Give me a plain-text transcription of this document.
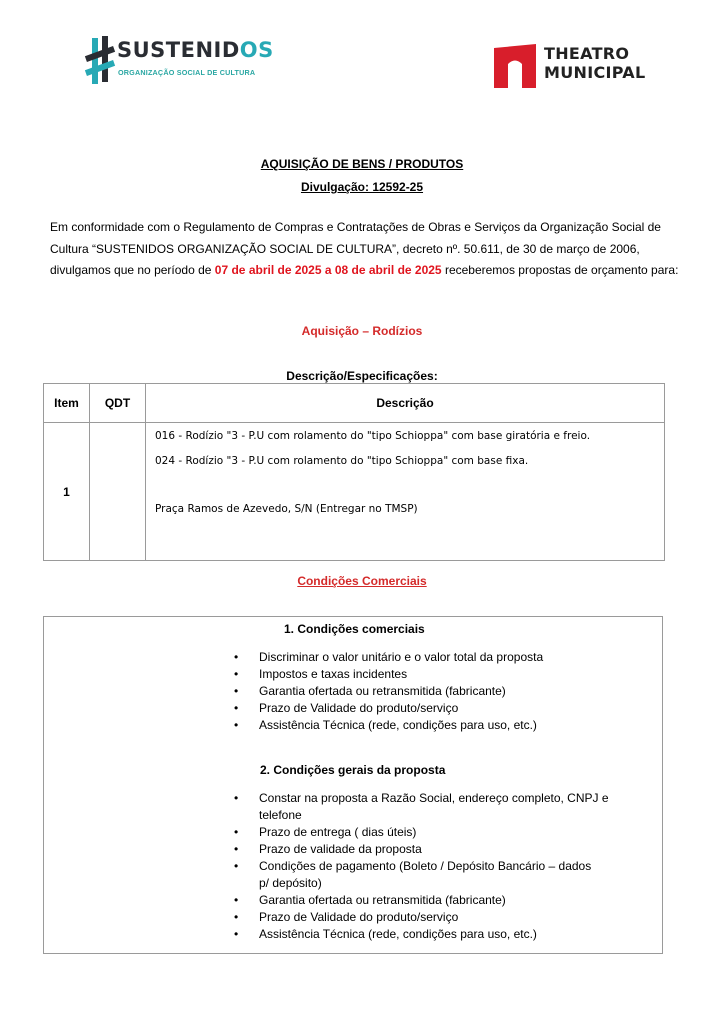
SUSTENIDOS
ORGANIZAÇÃO SOCIAL DE CULTURA
THEATRO
MUNICIPAL
AQUISIÇÃO DE BENS / PRODUTOS
Divulgação: 12592-25
Em conformidade com o Regulamento de Compras e Contratações de Obras e Serviços da Organização Social de Cultura “SUSTENIDOS ORGANIZAÇÃO SOCIAL DE CULTURA”, decreto nº. 50.611, de 30 de março de 2006, divulgamos que no período de 07 de abril de 2025 a 08 de abril de 2025 receberemos propostas de orçamento para:
Aquisição – Rodízios
Descrição/Especificações:
Item	QDT	Descrição
1		016 - Rodízio "3 - P.U com rolamento do "tipo Schioppa" com base giratória e freio.
024 - Rodízio "3 - P.U com rolamento do "tipo Schioppa" com base fixa.
Praça Ramos de Azevedo, S/N (Entregar no TMSP)
Condições Comerciais
1. Condições comerciais
• Discriminar o valor unitário e o valor total da proposta
• Impostos e taxas incidentes
• Garantia ofertada ou retransmitida (fabricante)
• Prazo de Validade do produto/serviço
• Assistência Técnica (rede, condições para uso, etc.)
2. Condições gerais da proposta
• Constar na proposta a Razão Social, endereço completo, CNPJ e telefone
• Prazo de entrega ( dias úteis)
• Prazo de validade da proposta
• Condições de pagamento (Boleto / Depósito Bancário – dados p/ depósito)
• Garantia ofertada ou retransmitida (fabricante)
• Prazo de Validade do produto/serviço
• Assistência Técnica (rede, condições para uso, etc.)
